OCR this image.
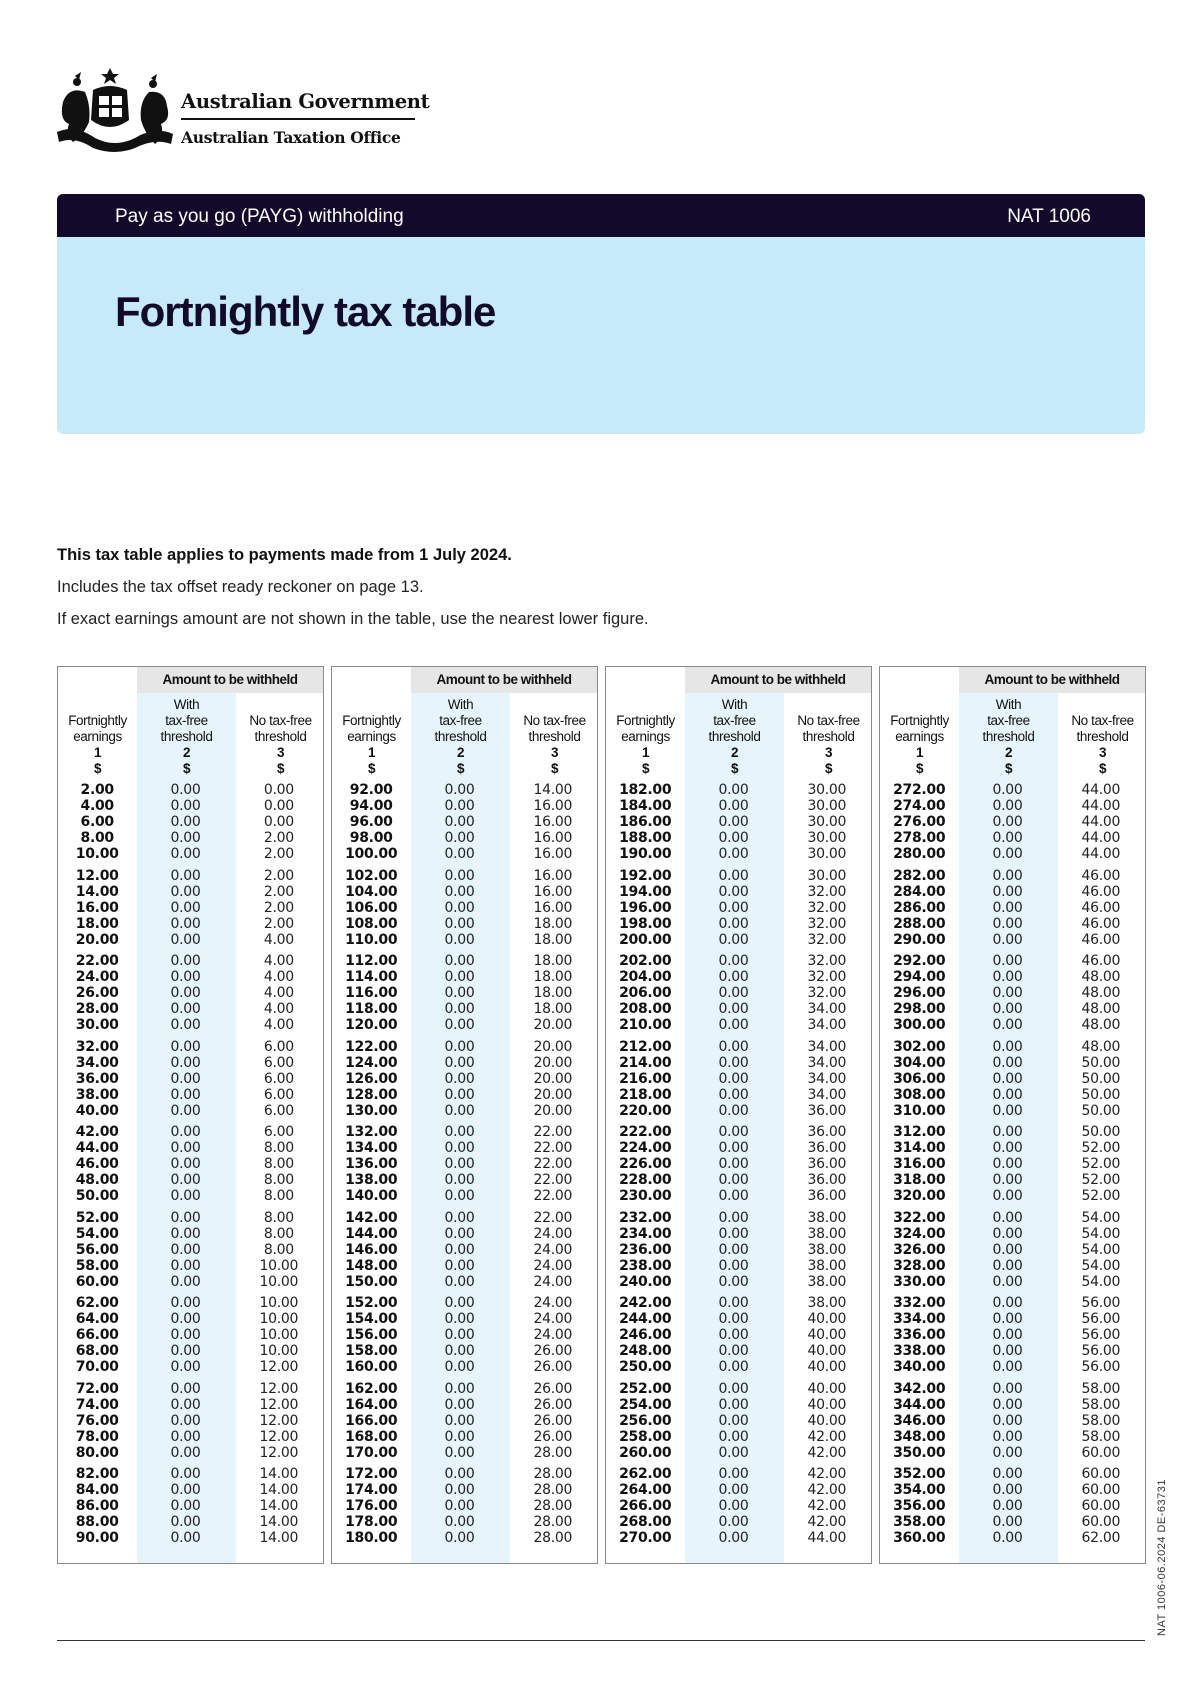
Australian Government
Australian Taxation Office
Pay as you go (PAYG) withholding	NAT 1006
Fortnightly tax table
This tax table applies to payments made from 1 July 2024.
Includes the tax offset ready reckoner on page 13.
If exact earnings amount are not shown in the table, use the nearest lower figure.
Amount to be withheld
Fortnightly
earnings
1
$
With
tax-free
threshold
2
$
No tax-free
threshold
3
$
2.00	0.00	0.00
4.00	0.00	0.00
6.00	0.00	0.00
8.00	0.00	2.00
10.00	0.00	2.00
12.00	0.00	2.00
14.00	0.00	2.00
16.00	0.00	2.00
18.00	0.00	2.00
20.00	0.00	4.00
22.00	0.00	4.00
24.00	0.00	4.00
26.00	0.00	4.00
28.00	0.00	4.00
30.00	0.00	4.00
32.00	0.00	6.00
34.00	0.00	6.00
36.00	0.00	6.00
38.00	0.00	6.00
40.00	0.00	6.00
42.00	0.00	6.00
44.00	0.00	8.00
46.00	0.00	8.00
48.00	0.00	8.00
50.00	0.00	8.00
52.00	0.00	8.00
54.00	0.00	8.00
56.00	0.00	8.00
58.00	0.00	10.00
60.00	0.00	10.00
62.00	0.00	10.00
64.00	0.00	10.00
66.00	0.00	10.00
68.00	0.00	10.00
70.00	0.00	12.00
72.00	0.00	12.00
74.00	0.00	12.00
76.00	0.00	12.00
78.00	0.00	12.00
80.00	0.00	12.00
82.00	0.00	14.00
84.00	0.00	14.00
86.00	0.00	14.00
88.00	0.00	14.00
90.00	0.00	14.00
Amount to be withheld
Fortnightly
earnings
1
$
With
tax-free
threshold
2
$
No tax-free
threshold
3
$
92.00	0.00	14.00
94.00	0.00	16.00
96.00	0.00	16.00
98.00	0.00	16.00
100.00	0.00	16.00
102.00	0.00	16.00
104.00	0.00	16.00
106.00	0.00	16.00
108.00	0.00	18.00
110.00	0.00	18.00
112.00	0.00	18.00
114.00	0.00	18.00
116.00	0.00	18.00
118.00	0.00	18.00
120.00	0.00	20.00
122.00	0.00	20.00
124.00	0.00	20.00
126.00	0.00	20.00
128.00	0.00	20.00
130.00	0.00	20.00
132.00	0.00	22.00
134.00	0.00	22.00
136.00	0.00	22.00
138.00	0.00	22.00
140.00	0.00	22.00
142.00	0.00	22.00
144.00	0.00	24.00
146.00	0.00	24.00
148.00	0.00	24.00
150.00	0.00	24.00
152.00	0.00	24.00
154.00	0.00	24.00
156.00	0.00	24.00
158.00	0.00	26.00
160.00	0.00	26.00
162.00	0.00	26.00
164.00	0.00	26.00
166.00	0.00	26.00
168.00	0.00	26.00
170.00	0.00	28.00
172.00	0.00	28.00
174.00	0.00	28.00
176.00	0.00	28.00
178.00	0.00	28.00
180.00	0.00	28.00
Amount to be withheld
Fortnightly
earnings
1
$
With
tax-free
threshold
2
$
No tax-free
threshold
3
$
182.00	0.00	30.00
184.00	0.00	30.00
186.00	0.00	30.00
188.00	0.00	30.00
190.00	0.00	30.00
192.00	0.00	30.00
194.00	0.00	32.00
196.00	0.00	32.00
198.00	0.00	32.00
200.00	0.00	32.00
202.00	0.00	32.00
204.00	0.00	32.00
206.00	0.00	32.00
208.00	0.00	34.00
210.00	0.00	34.00
212.00	0.00	34.00
214.00	0.00	34.00
216.00	0.00	34.00
218.00	0.00	34.00
220.00	0.00	36.00
222.00	0.00	36.00
224.00	0.00	36.00
226.00	0.00	36.00
228.00	0.00	36.00
230.00	0.00	36.00
232.00	0.00	38.00
234.00	0.00	38.00
236.00	0.00	38.00
238.00	0.00	38.00
240.00	0.00	38.00
242.00	0.00	38.00
244.00	0.00	40.00
246.00	0.00	40.00
248.00	0.00	40.00
250.00	0.00	40.00
252.00	0.00	40.00
254.00	0.00	40.00
256.00	0.00	40.00
258.00	0.00	42.00
260.00	0.00	42.00
262.00	0.00	42.00
264.00	0.00	42.00
266.00	0.00	42.00
268.00	0.00	42.00
270.00	0.00	44.00
Amount to be withheld
Fortnightly
earnings
1
$
With
tax-free
threshold
2
$
No tax-free
threshold
3
$
272.00	0.00	44.00
274.00	0.00	44.00
276.00	0.00	44.00
278.00	0.00	44.00
280.00	0.00	44.00
282.00	0.00	46.00
284.00	0.00	46.00
286.00	0.00	46.00
288.00	0.00	46.00
290.00	0.00	46.00
292.00	0.00	46.00
294.00	0.00	48.00
296.00	0.00	48.00
298.00	0.00	48.00
300.00	0.00	48.00
302.00	0.00	48.00
304.00	0.00	50.00
306.00	0.00	50.00
308.00	0.00	50.00
310.00	0.00	50.00
312.00	0.00	50.00
314.00	0.00	52.00
316.00	0.00	52.00
318.00	0.00	52.00
320.00	0.00	52.00
322.00	0.00	54.00
324.00	0.00	54.00
326.00	0.00	54.00
328.00	0.00	54.00
330.00	0.00	54.00
332.00	0.00	56.00
334.00	0.00	56.00
336.00	0.00	56.00
338.00	0.00	56.00
340.00	0.00	56.00
342.00	0.00	58.00
344.00	0.00	58.00
346.00	0.00	58.00
348.00	0.00	58.00
350.00	0.00	60.00
352.00	0.00	60.00
354.00	0.00	60.00
356.00	0.00	60.00
358.00	0.00	60.00
360.00	0.00	62.00	NAT 1006-06.2024 DE-63731
